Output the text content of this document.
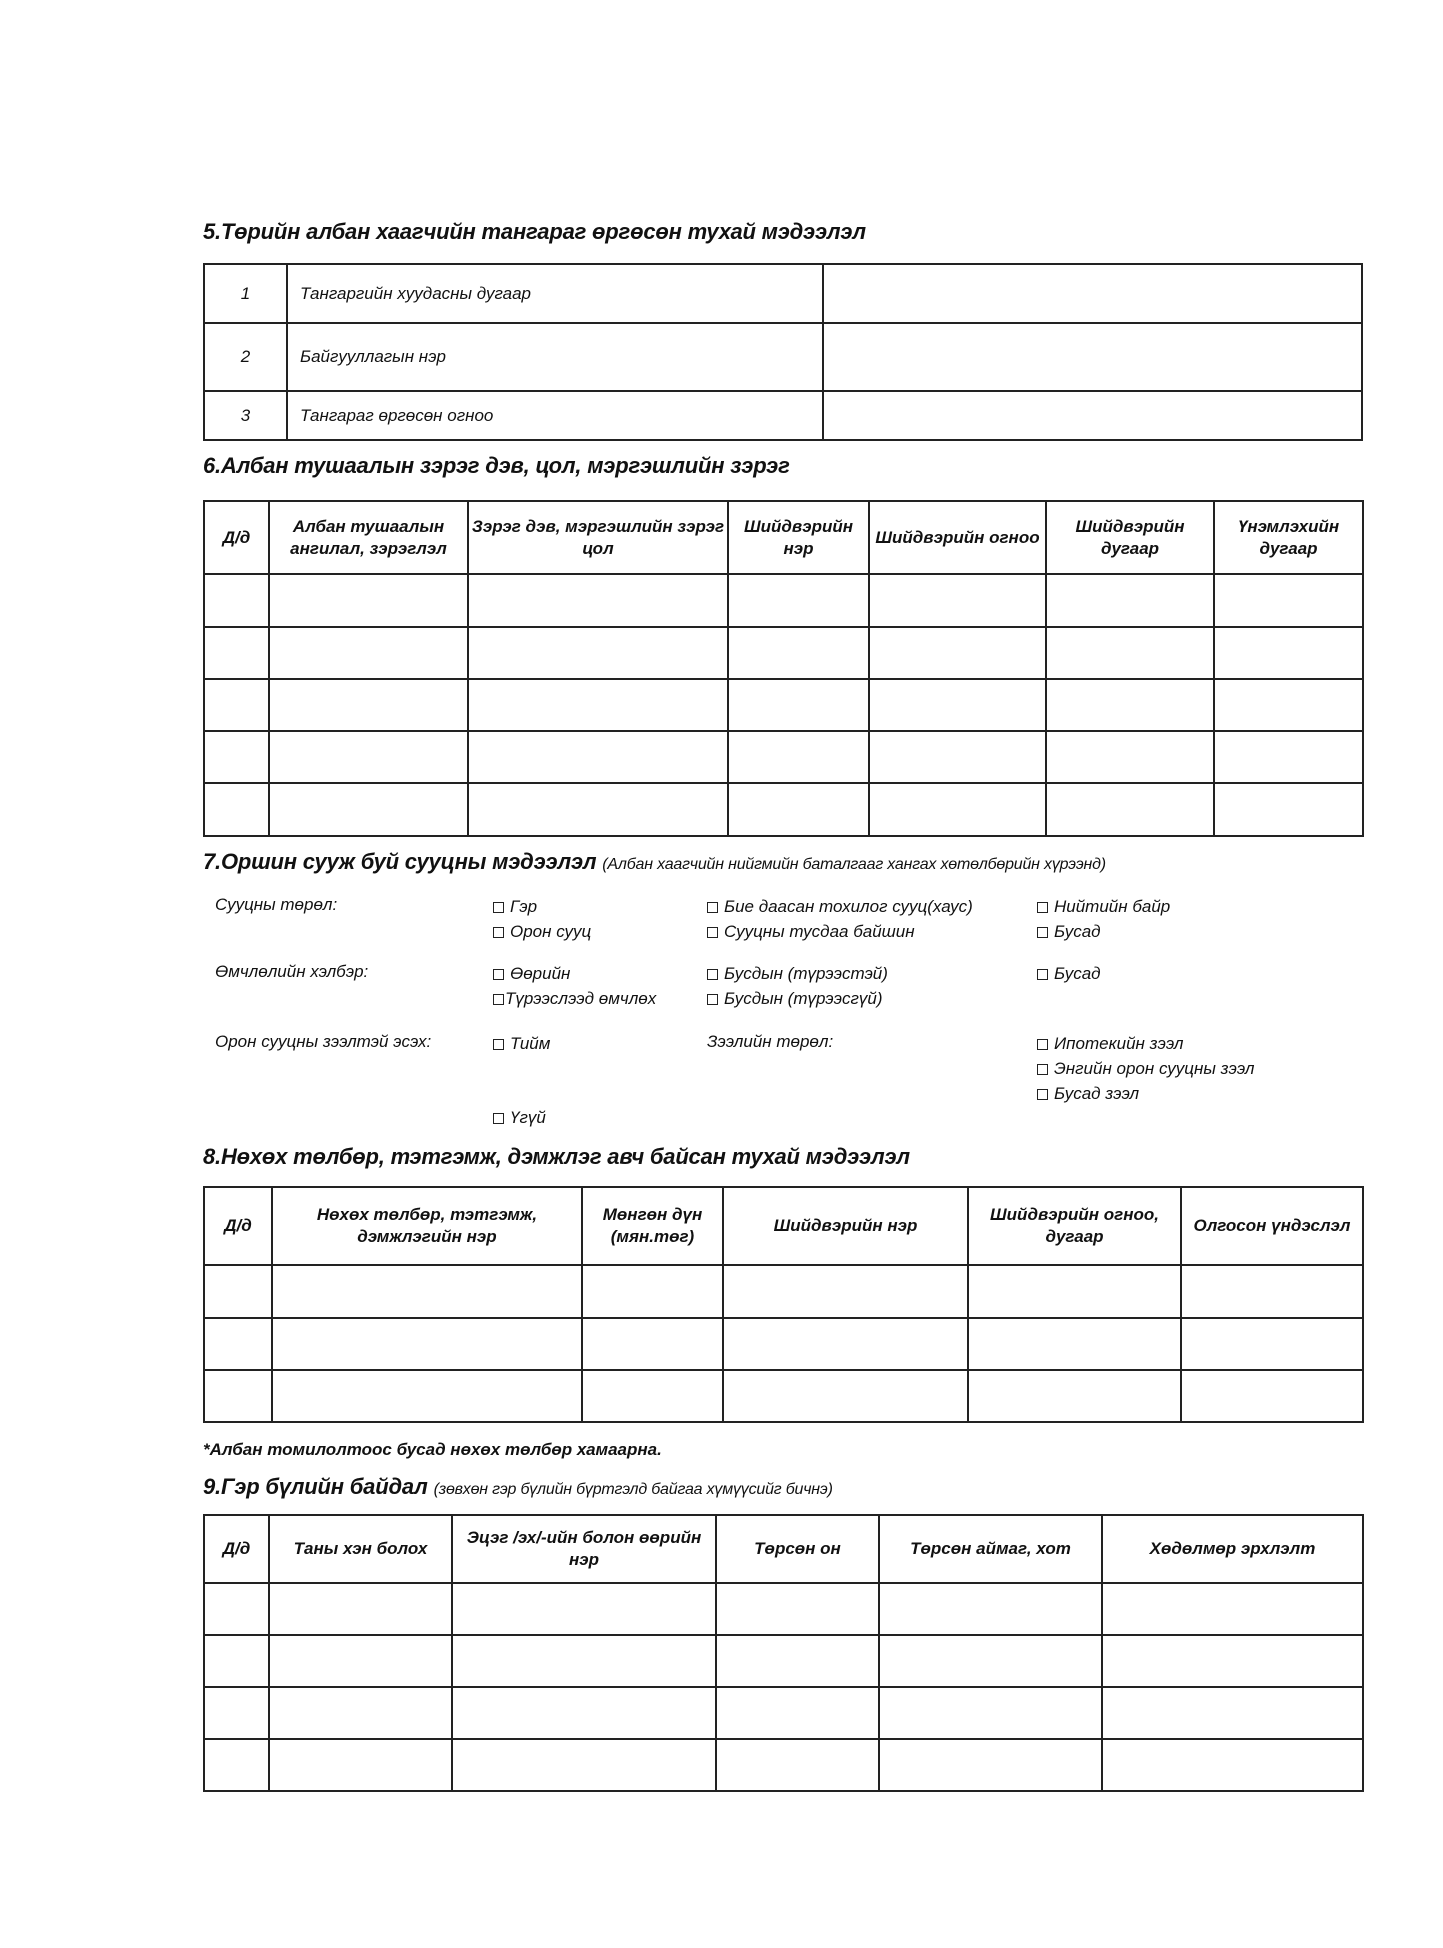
5.Төрийн албан хаагчийн тангараг өргөсөн тухай мэдээлэл
1	Тангаргийн хуудасны дугаар	
2	Байгууллагын нэр	
3	Тангараг өргөсөн огноо	
6.Албан тушаалын зэрэг дэв, цол, мэргэшлийн зэрэг
Д/д	Албан тушаалын ангилал, зэрэглэл	Зэрэг дэв, мэргэшлийн зэрэг цол	Шийдвэрийн нэр	Шийдвэрийн огноо	Шийдвэрийн дугаар	Үнэмлэхийн дугаар

7.Оршин сууж буй сууцны мэдээлэл (Албан хаагчийн нийгмийн баталгааг хангах хөтөлбөрийн хүрээнд)
Сууцны төрөл:	Гэр
Орон сууц
Бие даасан тохилог сууц(хаус)
Сууцны тусдаа байшин
Нийтийн байр
Бусад
Өмчлөлийн хэлбэр:	Өөрийн
Түрээслээд өмчлөх
Бусдын (түрээстэй)
Бусдын (түрээсгүй)
Бусад
Орон сууцны зээлтэй эсэх:	Тийм
Үгүй
Зээлийн төрөл:	Ипотекийн зээл
Энгийн орон сууцны зээл
Бусад зээл
8.Нөхөх төлбөр, тэтгэмж, дэмжлэг авч байсан тухай мэдээлэл
Д/д	Нөхөх төлбөр, тэтгэмж, дэмжлэгийн нэр	Мөнгөн дүн (мян.төг)	Шийдвэрийн нэр	Шийдвэрийн огноо, дугаар	Олгосон үндэслэл

*Албан томилолтоос бусад нөхөх төлбөр хамаарна.
9.Гэр бүлийн байдал (зөвхөн гэр бүлийн бүртгэлд байгаа хүмүүсийг бичнэ)
Д/д	Таны хэн болох	Эцэг /эх/-ийн болон өөрийн нэр	Төрсөн он	Төрсөн аймаг, хот	Хөдөлмөр эрхлэлт
